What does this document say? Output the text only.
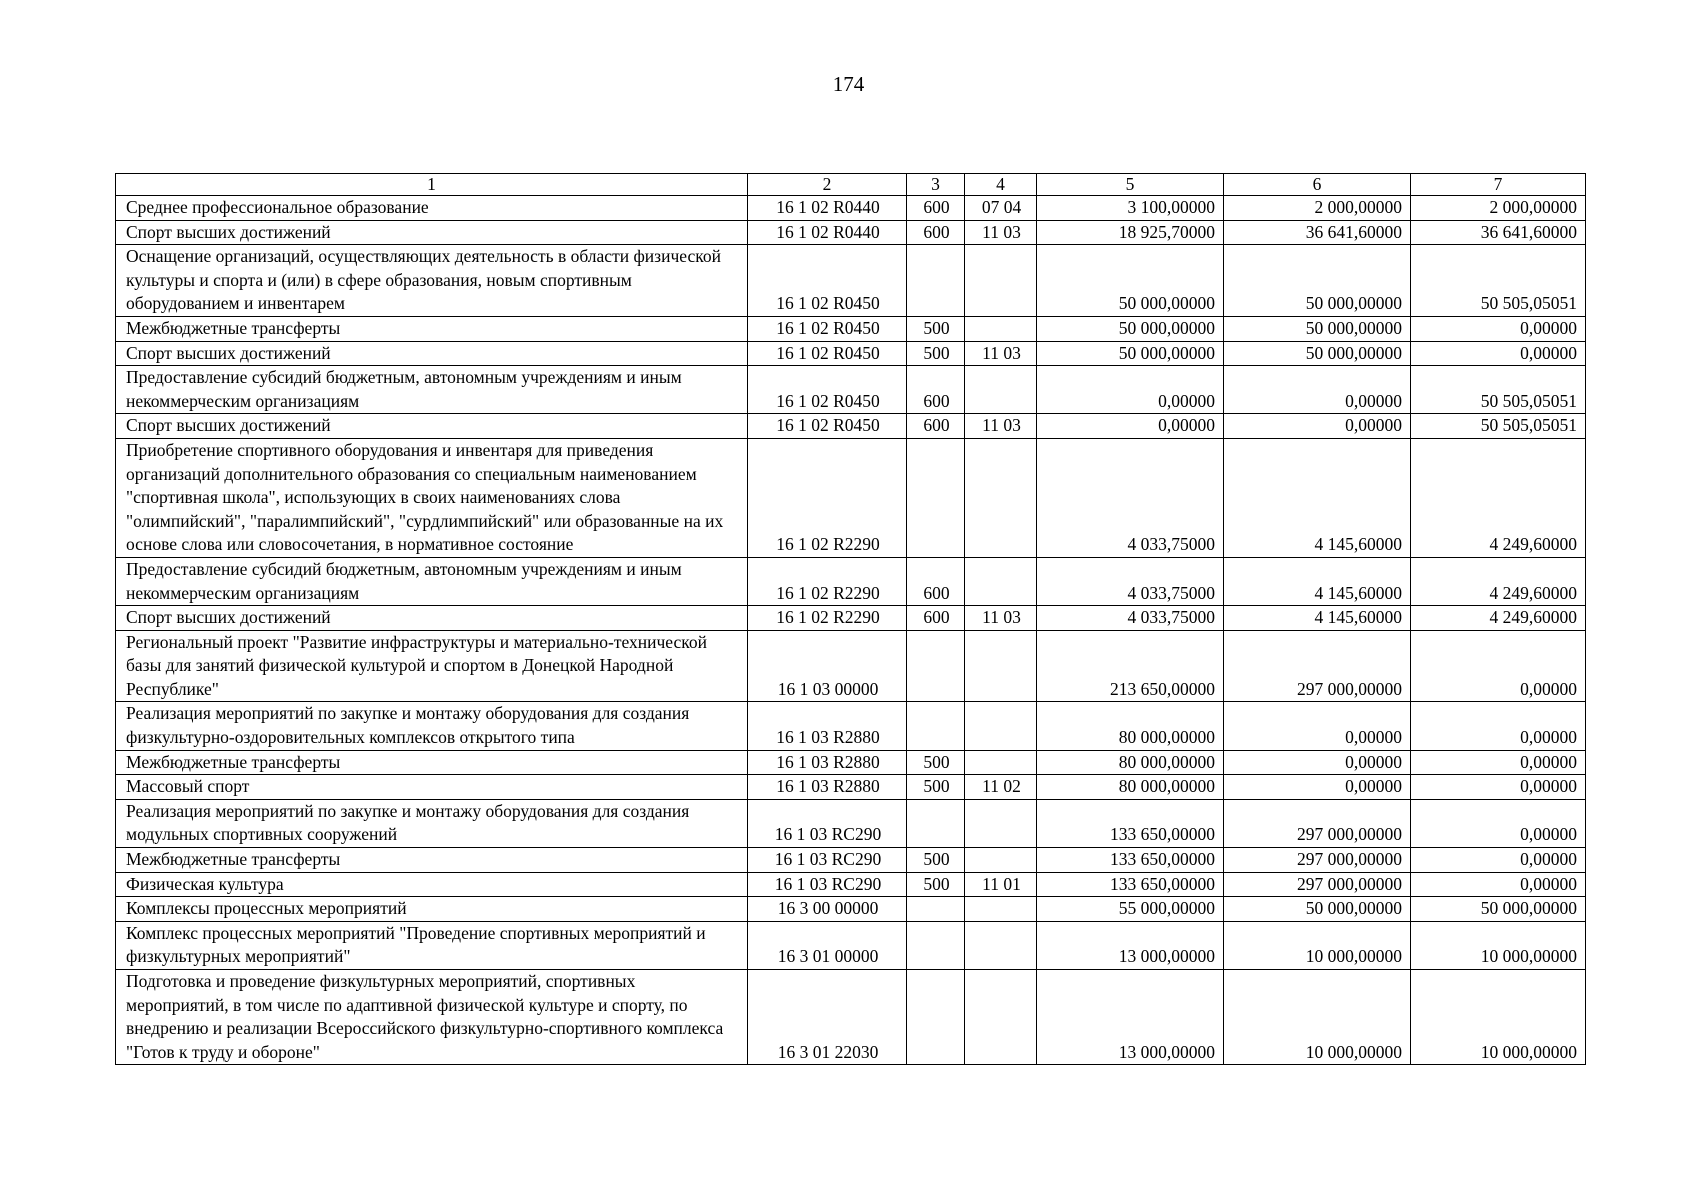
174
1	2	3	4	5	6	7
Среднее профессиональное образование	16 1 02 R0440	600	07 04	3 100,00000	2 000,00000	2 000,00000
Спорт высших достижений	16 1 02 R0440	600	11 03	18 925,70000	36 641,60000	36 641,60000
Оснащение организаций, осуществляющих деятельность в области физической культуры и спорта и (или) в сфере образования, новым спортивным оборудованием и инвентарем	16 1 02 R0450			50 000,00000	50 000,00000	50 505,05051
Межбюджетные трансферты	16 1 02 R0450	500		50 000,00000	50 000,00000	0,00000
Спорт высших достижений	16 1 02 R0450	500	11 03	50 000,00000	50 000,00000	0,00000
Предоставление субсидий бюджетным, автономным учреждениям и иным некоммерческим организациям	16 1 02 R0450	600		0,00000	0,00000	50 505,05051
Спорт высших достижений	16 1 02 R0450	600	11 03	0,00000	0,00000	50 505,05051
Приобретение спортивного оборудования и инвентаря для приведения организаций дополнительного образования со специальным наименованием "спортивная школа", использующих в своих наименованиях слова "олимпийский", "паралимпийский", "сурдлимпийский" или образованные на их основе слова или словосочетания, в нормативное состояние	16 1 02 R2290			4 033,75000	4 145,60000	4 249,60000
Предоставление субсидий бюджетным, автономным учреждениям и иным некоммерческим организациям	16 1 02 R2290	600		4 033,75000	4 145,60000	4 249,60000
Спорт высших достижений	16 1 02 R2290	600	11 03	4 033,75000	4 145,60000	4 249,60000
Региональный проект "Развитие инфраструктуры и материально-технической базы для занятий физической культурой и спортом в Донецкой Народной Республике"	16 1 03 00000			213 650,00000	297 000,00000	0,00000
Реализация мероприятий по закупке и монтажу оборудования для создания физкультурно-оздоровительных комплексов открытого типа	16 1 03 R2880			80 000,00000	0,00000	0,00000
Межбюджетные трансферты	16 1 03 R2880	500		80 000,00000	0,00000	0,00000
Массовый спорт	16 1 03 R2880	500	11 02	80 000,00000	0,00000	0,00000
Реализация мероприятий по закупке и монтажу оборудования для создания модульных спортивных сооружений	16 1 03 RC290			133 650,00000	297 000,00000	0,00000
Межбюджетные трансферты	16 1 03 RC290	500		133 650,00000	297 000,00000	0,00000
Физическая культура	16 1 03 RC290	500	11 01	133 650,00000	297 000,00000	0,00000
Комплексы процессных мероприятий	16 3 00 00000			55 000,00000	50 000,00000	50 000,00000
Комплекс процессных мероприятий "Проведение спортивных мероприятий и физкультурных мероприятий"	16 3 01 00000			13 000,00000	10 000,00000	10 000,00000
Подготовка и проведение физкультурных мероприятий, спортивных мероприятий, в том числе по адаптивной физической культуре и спорту, по внедрению и реализации Всероссийского физкультурно-спортивного комплекса "Готов к труду и обороне"	16 3 01 22030			13 000,00000	10 000,00000	10 000,00000
